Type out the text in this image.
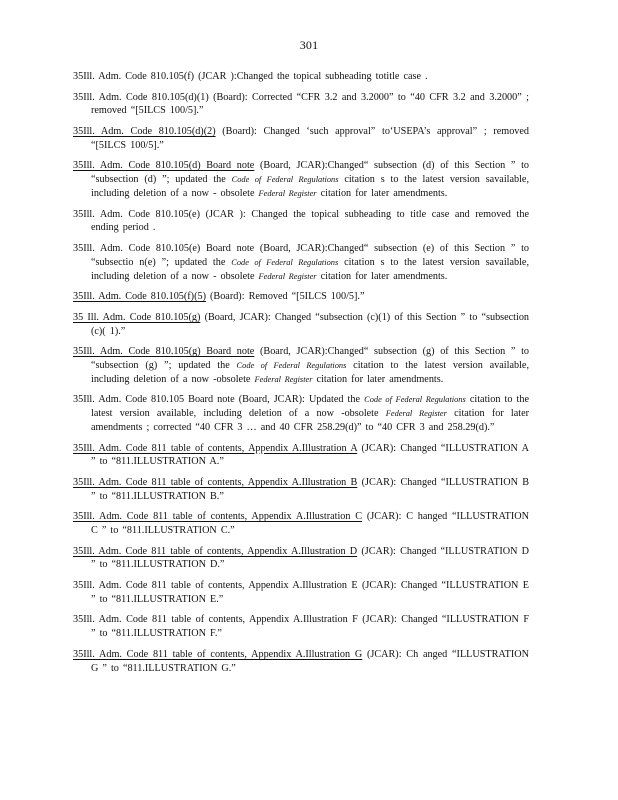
301

35Ill. Adm. Code 810.105(f) (JCAR ):Changed the topical subheading totitle case .

35Ill. Adm. Code 810.105(d)(1) (Board): Corrected “CFR 3.2 and 3.2000” to “40 CFR 3.2 and 3.2000” ; removed “[5ILCS 100/5].”

35Ill. Adm. Code 810.105(d)(2) (Board): Changed ‘such approval” to‘USEPA’s approval” ; removed “[5ILCS 100/5].”

35Ill. Adm. Code 810.105(d) Board note (Board, JCAR):Changed“ subsection (d) of this Section ” to “subsection (d) ”; updated the Code of Federal Regulations citation s to the latest version savailable, including deletion of a now - obsolete Federal Register citation for later amendments.

35Ill. Adm. Code 810.105(e) (JCAR ): Changed the topical subheading to title case and removed the ending period .

35Ill. Adm. Code 810.105(e) Board note (Board, JCAR):Changed“ subsection (e) of this Section ” to “subsectio n(e) ”; updated the Code of Federal Regulations citation s to the latest version savailable, including deletion of a now - obsolete Federal Register citation for later amendments.

35Ill. Adm. Code 810.105(f)(5) (Board): Removed “[5ILCS 100/5].”

35 Ill. Adm. Code 810.105(g) (Board, JCAR): Changed “subsection (c)(1) of this Section ” to “subsection (c)( 1).”

35Ill. Adm. Code 810.105(g) Board note (Board, JCAR):Changed“ subsection (g) of this Section ” to “subsection (g) ”; updated the Code of Federal Regulations citation to the latest version available, including deletion of a now -obsolete Federal Register citation for later amendments.

35Ill. Adm. Code 810.105 Board note (Board, JCAR): Updated the Code of Federal Regulations citation to the latest version available, including deletion of a now -obsolete Federal Register citation for later amendments ; corrected “40 CFR 3 … and 40 CFR 258.29(d)” to “40 CFR 3 and 258.29(d).”

35Ill. Adm. Code 811 table of contents, Appendix A.Illustration A (JCAR): Changed “ILLUSTRATION A ” to “811.ILLUSTRATION A.”

35Ill. Adm. Code 811 table of contents, Appendix A.Illustration B (JCAR): Changed “ILLUSTRATION B ” to “811.ILLUSTRATION B.”

35Ill. Adm. Code 811 table of contents, Appendix A.Illustration C (JCAR): C hanged “ILLUSTRATION C ” to “811.ILLUSTRATION C.”

35Ill. Adm. Code 811 table of contents, Appendix A.Illustration D (JCAR): Changed “ILLUSTRATION D ” to “811.ILLUSTRATION D.”

35Ill. Adm. Code 811 table of contents, Appendix A.Illustration E (JCAR): Changed “ILLUSTRATION E ” to “811.ILLUSTRATION E.”

35Ill. Adm. Code 811 table of contents, Appendix A.Illustration F (JCAR): Changed “ILLUSTRATION F ” to “811.ILLUSTRATION F.”

35Ill. Adm. Code 811 table of contents, Appendix A.Illustration G (JCAR): Ch anged “ILLUSTRATION G ” to “811.ILLUSTRATION G.”
